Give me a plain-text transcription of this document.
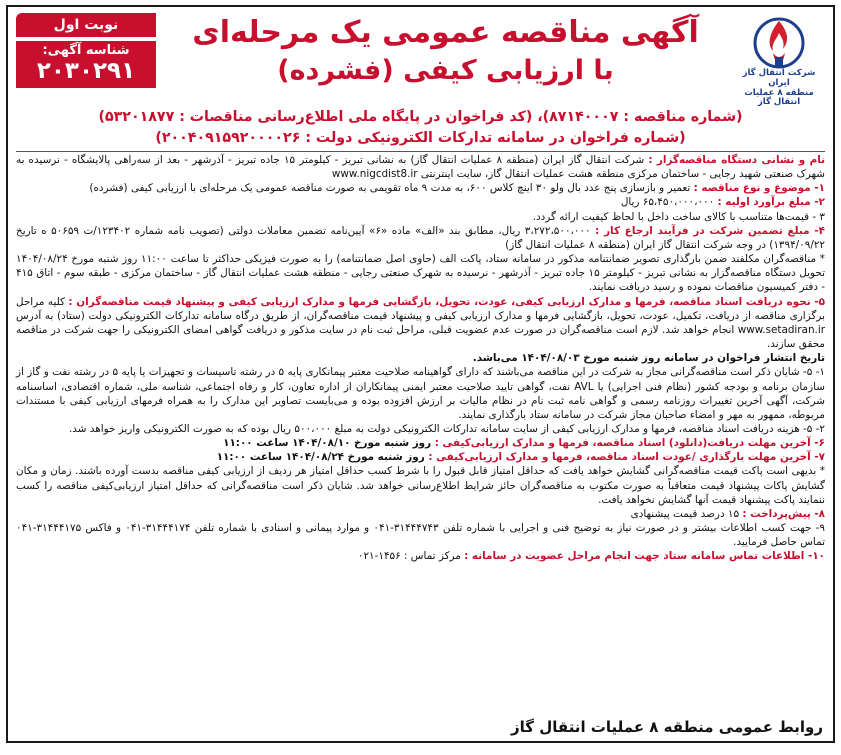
شرکت انتقال گاز ایران
منطقه ۸ عملیات انتقال گاز
آگهی مناقصه عمومی یک مرحله‌ای
با ارزیابی کیفی (فشرده)
نوبت اول
شناسه آگهی:
۲۰۳۰۲۹۱
(شماره مناقصه : ۸۷۱۴۰۰۰۷)، (کد فراخوان در پایگاه ملی اطلاع‌رسانی مناقصات : ۵۳۲۰۱۸۷۷)
(شماره فراخوان در سامانه تدارکات الکترونیکی دولت : ۲۰۰۴۰۹۱۵۹۲۰۰۰۰۲۶)

نام و نشانی دستگاه مناقصه‌گزار : شرکت انتقال گاز ایران (منطقه ۸ عملیات انتقال گاز) به نشانی تبریز - کیلومتر ۱۵ جاده تبریز - آذرشهر - بعد از سه‌راهی پالایشگاه - نرسیده به شهرک صنعتی شهید رجایی - ساختمان مرکزی منطقه هشت عملیات انتقال گاز، سایت اینترنتی www.nigcdist8.ir

۱- موضوع و نوع مناقصه : تعمیر و بازسازی پنج عدد بال ولو ۳۰ اینچ کلاس ۶۰۰، به مدت ۹ ماه تقویمی به صورت مناقصه عمومی یک مرحله‌ای با ارزیابی کیفی (فشرده)

۲- مبلغ برآورد اولیه : ۶۵،۴۵۰،۰۰۰،۰۰۰ ریال

۳ - قیمت‌ها متناسب با کالای ساخت داخل با لحاظ کیفیت ارائه گردد.

۴- مبلغ تضمین شرکت در فرآیند ارجاع کار : ۳،۲۷۲،۵۰۰،۰۰۰ ریال، مطابق بند «الف» ماده «۶» آیین‌نامه تضمین معاملات دولتی (تصویب نامه شماره ۱۲۳۴۰۲/ت ۵۰۶۵۹ ه تاریخ ۱۳۹۴/۰۹/۲۲) در وجه شرکت انتقال گاز ایران (منطقه ۸ عملیات انتقال گاز)

* مناقصه‌گران مکلفند ضمن بارگذاری تصویر ضمانتنامه مذکور در سامانه ستاد، پاکت الف (حاوی اصل ضمانتنامه) را به صورت فیزیکی حداکثر تا ساعت ۱۱:۰۰ روز شنبه مورخ ۱۴۰۴/۰۸/۲۴ تحویل دستگاه مناقصه‌گزار به نشانی تبریز - کیلومتر ۱۵ جاده تبریز - آذرشهر - نرسیده به شهرک صنعتی رجایی - منطقه هشت عملیات انتقال گاز - ساختمان مرکزی - طبقه سوم - اتاق ۴۱۵ - دفتر کمیسیون مناقصات نموده و رسید دریافت نمایند.

۵- نحوه دریافت اسناد مناقصه، فرمها و مدارک ارزیابی کیفی، عودت، تحویل، بازگشایی فرمها و مدارک ارزیابی کیفی و پیشنهاد قیمت مناقصه‌گران : کلیه مراحل برگزاری مناقصه از دریافت، تکمیل، عودت، تحویل، بازگشایی فرمها و مدارک ارزیابی کیفی و پیشنهاد قیمت مناقصه‌گران، از طریق درگاه سامانه تدارکات الکترونیکی دولت (ستاد) به آدرس www.setadiran.ir انجام خواهد شد. لازم است مناقصه‌گران در صورت عدم عضویت قبلی، مراحل ثبت نام در سایت مذکور و دریافت گواهی امضای الکترونیکی را جهت شرکت در مناقصه محقق سازند.

تاریخ انتشار فراخوان در سامانه روز شنبه مورخ ۱۴۰۴/۰۸/۰۳ می‌باشد.

۱- ۵- شایان ذکر است مناقصه‌گرانی مجاز به شرکت در این مناقصه می‌باشند که دارای گواهینامه صلاحیت معتبر پیمانکاری پایه ۵ در رشته تاسیسات و تجهیزات یا پایه ۵ در رشته نفت و گاز از سازمان برنامه و بودجه کشور (نظام فنی اجرایی) یا AVL نفت، گواهی تایید صلاحیت معتبر ایمنی پیمانکاران از اداره تعاون، کار و رفاه اجتماعی، شناسه ملی، شماره اقتصادی، اساسنامه شرکت، آگهی آخرین تغییرات روزنامه رسمی و گواهی نامه ثبت نام در نظام مالیات بر ارزش افزوده بوده و می‌بایست تصاویر این مدارک را به همراه فرمهای ارزیابی کیفی با مستندات مربوطه، ممهور به مهر و امضاء صاحبان مجاز شرکت در سامانه ستاد بارگذاری نمایند.

۲- ۵- هزینه دریافت اسناد مناقصه، فرمها و مدارک ارزیابی کیفی از سایت سامانه تدارکات الکترونیکی دولت به مبلغ ۵۰۰،۰۰۰ ریال بوده که به صورت الکترونیکی واریز خواهد شد.

۶- آخرین مهلت دریافت(دانلود) اسناد مناقصه، فرمها و مدارک ارزیابی‌کیفی : روز شنبه مورخ ۱۴۰۴/۰۸/۱۰ ساعت ۱۱:۰۰

۷- آخرین مهلت بارگذاری /عودت اسناد مناقصه، فرمها و مدارک ارزیابی‌کیفی : روز شنبه مورخ ۱۴۰۴/۰۸/۲۴ ساعت ۱۱:۰۰

* بدیهی است پاکت قیمت مناقصه‌گرانی گشایش خواهد یافت که حداقل امتیاز قابل قبول را با شرط کسب حداقل امتیاز هر ردیف از ارزیابی کیفی مناقصه بدست آورده باشند. زمان و مکان گشایش پاکات پیشنهاد قیمت متعاقباً به صورت مکتوب به مناقصه‌گران حائز شرایط اطلاع‌رسانی خواهد شد. شایان ذکر است مناقصه‌گرانی که حداقل امتیاز ارزیابی‌کیفی مناقصه را کسب ننمایند پاکت پیشنهاد قیمت آنها گشایش نخواهد یافت.

۸- پیش‌پرداخت : ۱۵ درصد قیمت پیشنهادی

۹- جهت کسب اطلاعات بیشتر و در صورت نیاز به توضیح فنی و اجرایی با شماره تلفن ۳۱۴۴۴۷۴۳-۰۴۱ و موارد پیمانی و اسنادی با شماره تلفن ۳۱۴۴۴۱۷۴-۰۴۱ و فاکس ۳۱۴۴۴۱۷۵-۰۴۱ تماس حاصل فرمایید.

۱۰- اطلاعات تماس سامانه ستاد جهت انجام مراحل عضویت در سامانه : مرکز تماس : ۱۴۵۶-۰۲۱

روابط عمومی منطقه ۸ عملیات انتقال گاز
